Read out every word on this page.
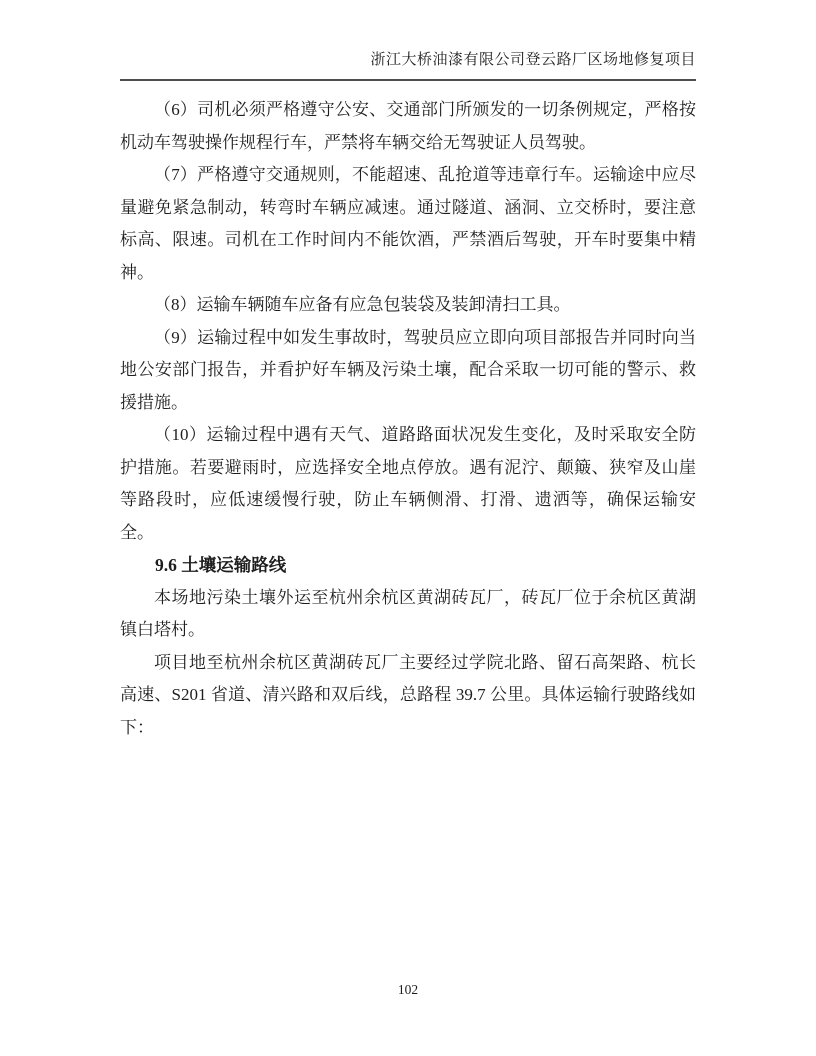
浙江大桥油漆有限公司登云路厂区场地修复项目

（6）司机必须严格遵守公安、交通部门所颁发的一切条例规定，严格按机动车驾驶操作规程行车，严禁将车辆交给无驾驶证人员驾驶。

（7）严格遵守交通规则，不能超速、乱抢道等违章行车。运输途中应尽量避免紧急制动，转弯时车辆应减速。通过隧道、涵洞、立交桥时，要注意标高、限速。司机在工作时间内不能饮酒，严禁酒后驾驶，开车时要集中精神。

（8）运输车辆随车应备有应急包装袋及装卸清扫工具。

（9）运输过程中如发生事故时，驾驶员应立即向项目部报告并同时向当地公安部门报告，并看护好车辆及污染土壤，配合采取一切可能的警示、救援措施。

（10）运输过程中遇有天气、道路路面状况发生变化，及时采取安全防护措施。若要避雨时，应选择安全地点停放。遇有泥泞、颠簸、狭窄及山崖等路段时，应低速缓慢行驶，防止车辆侧滑、打滑、遗洒等，确保运输安全。

9.6 土壤运输路线

本场地污染土壤外运至杭州余杭区黄湖砖瓦厂，砖瓦厂位于余杭区黄湖镇白塔村。

项目地至杭州余杭区黄湖砖瓦厂主要经过学院北路、留石高架路、杭长高速、S201 省道、清兴路和双后线，总路程 39.7 公里。具体运输行驶路线如下：

102
